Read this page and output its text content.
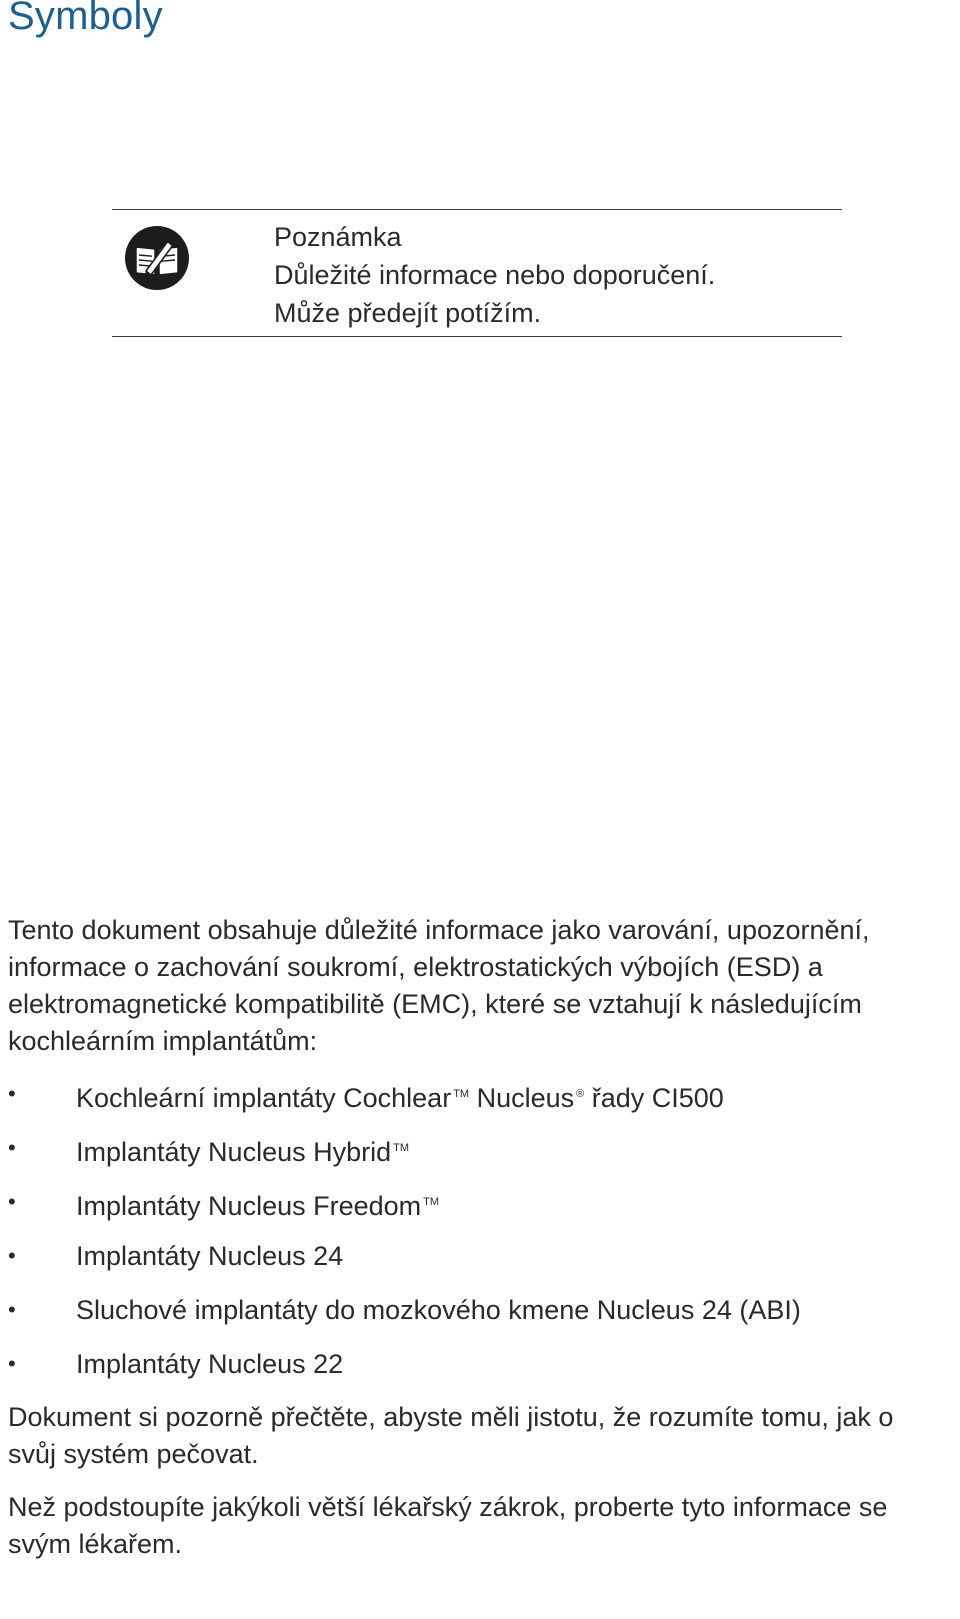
Symboly
Poznámka
Důležité informace nebo doporučení.
Může předejít potížím.

Tento dokument obsahuje důležité informace jako varování, upozornění, informace o zachování soukromí, elektrostatických výbojích (ESD) a elektromagnetické kompatibilitě (EMC), které se vztahují k následujícím kochleárním implantátům:

• Kochleární implantáty Cochlear ™ Nucleus ® řady CI500
• Implantáty Nucleus Hybrid ™
• Implantáty Nucleus Freedom ™
• Implantáty Nucleus 24
• Sluchové implantáty do mozkového kmene Nucleus 24 (ABI)
• Implantáty Nucleus 22

Dokument si pozorně přečtěte, abyste měli jistotu, že rozumíte tomu, jak o svůj systém pečovat.

Než podstoupíte jakýkoli větší lékařský zákrok, proberte tyto informace se svým lékařem.
